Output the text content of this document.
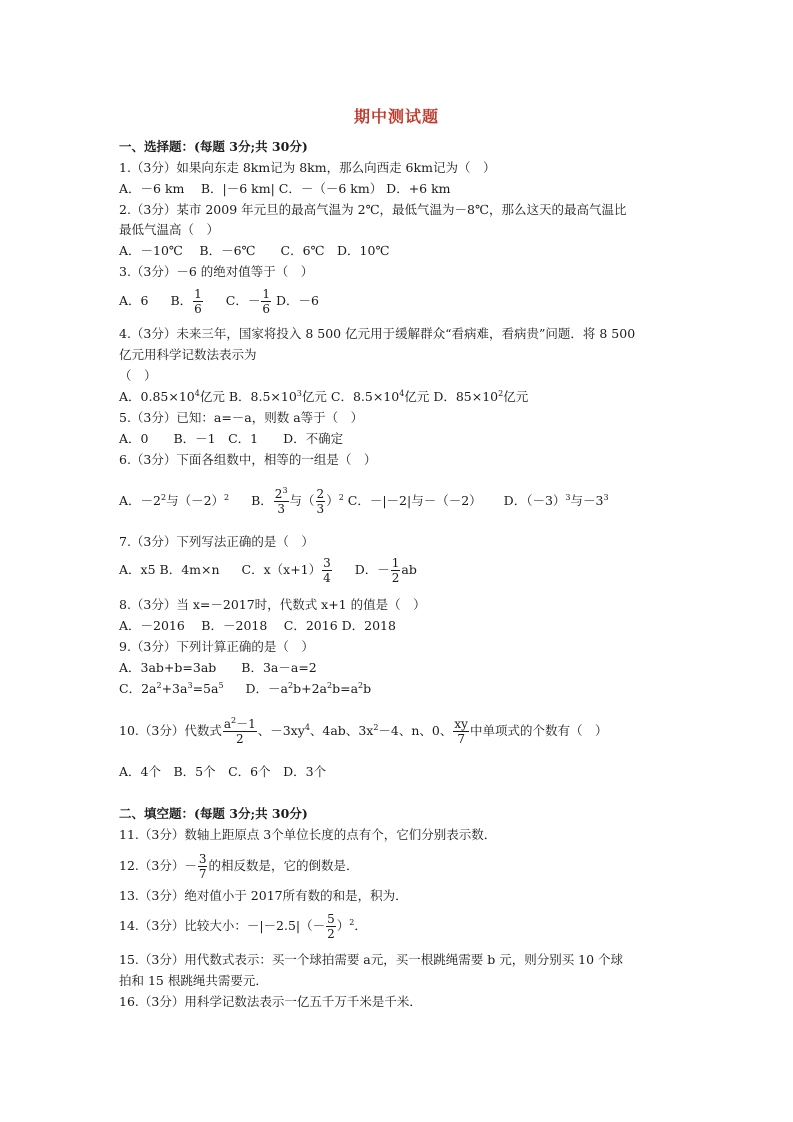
期中测试题
一、选择题：(每题 3分;共 30分)
1.（3分）如果向东走 8km记为 8km，那么向西走 6km记为（　）
A．－6 km　 B．|－6 km| C．－（－6 km） D．+6 km
2.（3分）某市 2009 年元旦的最高气温为 2℃，最低气温为－8℃，那么这天的最高气温比
最低气温高（　）
A．－10℃　 B．－6℃　　C．6℃　D．10℃
3.（3分）－6 的绝对值等于（　）
A．6 B． $\frac{1}{6}$ C．－ $\frac{1}{6}$ D．－6
4.（3分）未来三年，国家将投入 8 500 亿元用于缓解群众“看病难，看病贵”问题．将 8 500
亿元用科学记数法表示为
（　）
A．$0.85\times 10^4$亿元 B．$8.5\times 10^3$亿元 C．$8.5\times 10^4$亿元 D．$85\times 10^2$亿元
5.（3分）已知：a=－a，则数 a等于（　）
A．0　　B．－1　C．1　　D．不确定
6.（3分）下面各组数中，相等的一组是（　）
A．$-2^2$与$(-2)^2$ B． $\frac{2^3}{3}$ 与（ $\frac{2}{3} )^2$ C．－|－2|与－（－2） D．$(-3)^3$与$-3^3$
7.（3分）下列写法正确的是（　）
A．x5 B．4m×n C．$x(x+1) \frac{3}{4}$ D．－ $\frac{1}{2}$ ab
8.（3分）当 x=－2017时，代数式 x+1 的值是（　）
A．－2016　 B．－2018　 C．2016 D．2018
9.（3分）下列计算正确的是（　）
A．3ab+b=3ab　　B．3a－a=2
C．$2a^2+3a^3=5a^5$ D．$-a^2b+2a^2b=a^2b$
10.（3分）代数式 $\frac{a^2-1}{2}$ 、$-3xy^4$、4ab、$3x^2-4$、n、0、 $\frac{xy}{7}$ 中单项式的个数有（　）
A．4个　B．5个　C．6个　D．3个
二、填空题：(每题 3分;共 30分)
11.（3分）数轴上距原点 3个单位长度的点有个，它们分别表示数．
12.（3分）－ $\frac{3}{7}$ 的相反数是，它的倒数是．
13.（3分）绝对值小于 2017所有数的和是，积为．
14.（3分）比较大小：$-|-2.5|(- \frac{5}{2} )^2$．
15.（3分）用代数式表示：买一个球拍需要 a元，买一根跳绳需要 b 元，则分别买 10 个球
拍和 15 根跳绳共需要元．
16.（3分）用科学记数法表示一亿五千万千米是千米．
